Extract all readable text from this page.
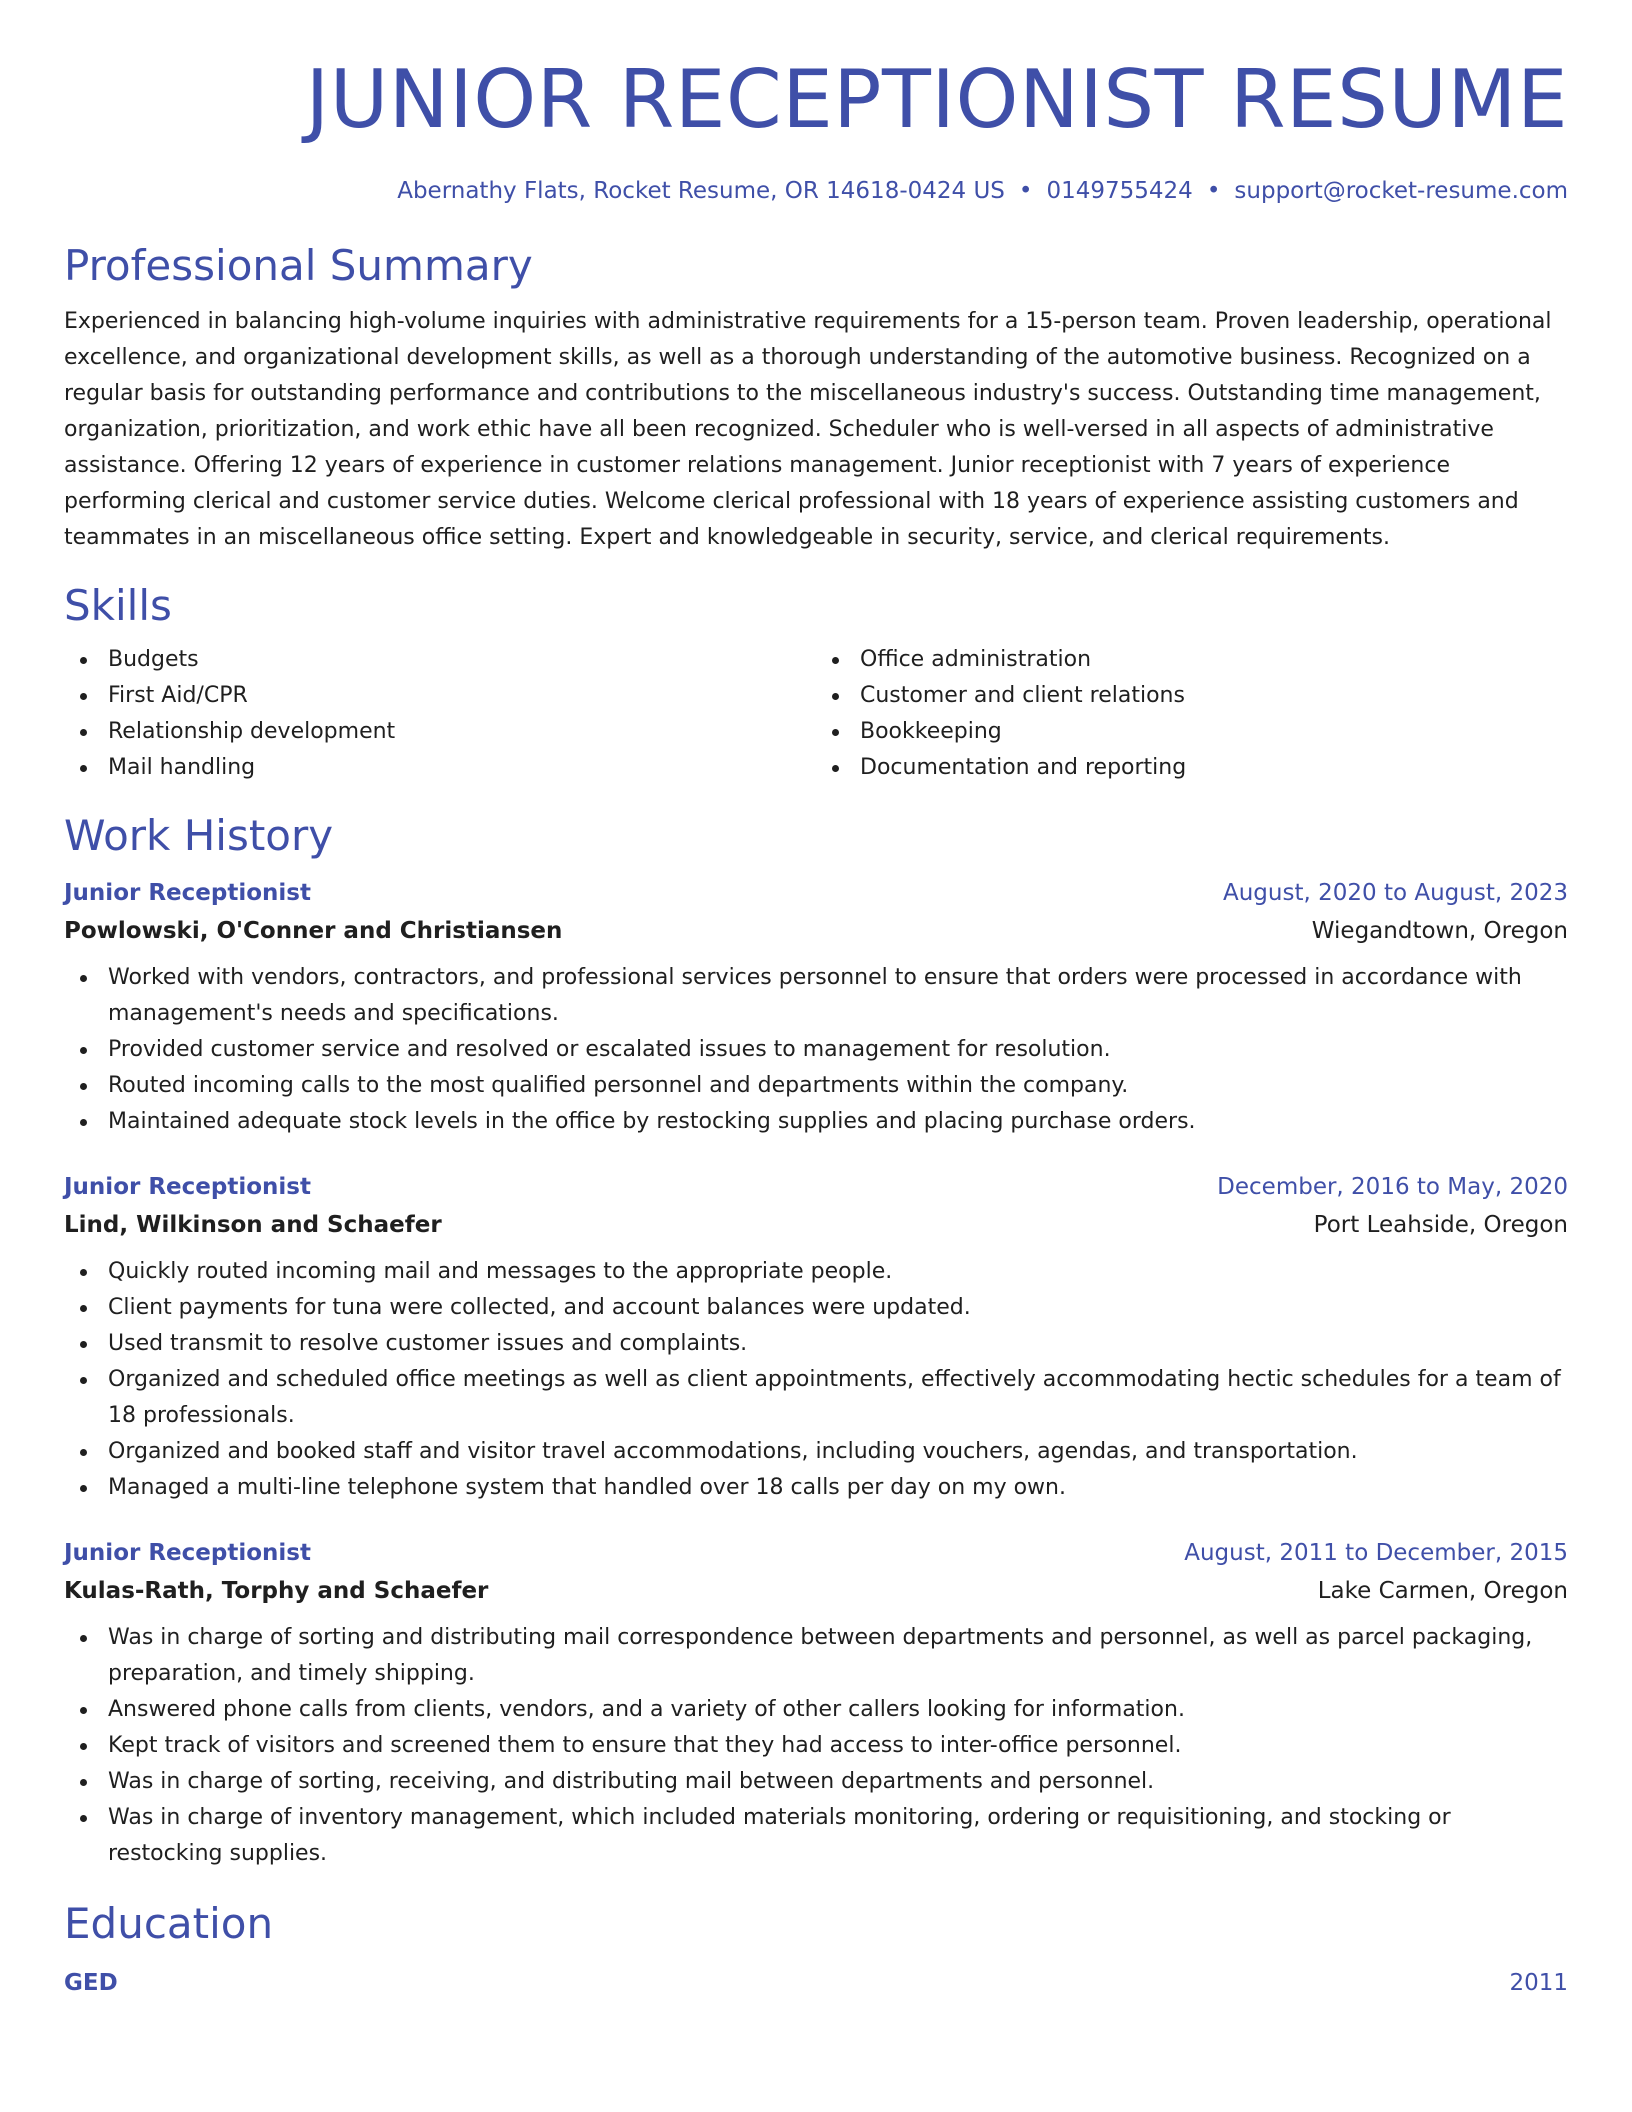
JUNIOR RECEPTIONIST RESUME
Abernathy Flats, Rocket Resume, OR 14618-0424 US • 0149755424 • support@rocket-resume.com
Professional Summary

Experienced in balancing high-volume inquiries with administrative requirements for a 15-person team. Proven leadership, operational excellence, and organizational development skills, as well as a thorough understanding of the automotive business. Recognized on a regular basis for outstanding performance and contributions to the miscellaneous industry's success. Outstanding time management, organization, prioritization, and work ethic have all been recognized. Scheduler who is well-versed in all aspects of administrative assistance. Offering 12 years of experience in customer relations management. Junior receptionist with 7 years of experience performing clerical and customer service duties. Welcome clerical professional with 18 years of experience assisting customers and teammates in an miscellaneous office setting. Expert and knowledgeable in security, service, and clerical requirements.

Skills
Budgets
First Aid/CPR
Relationship development
Mail handling
Office administration
Customer and client relations
Bookkeeping
Documentation and reporting
Work History
Junior Receptionist	August, 2020 to August, 2023
Powlowski, O'Conner and Christiansen	Wiegandtown, Oregon
Worked with vendors, contractors, and professional services personnel to ensure that orders were processed in accordance with management's needs and specifications.
Provided customer service and resolved or escalated issues to management for resolution.
Routed incoming calls to the most qualified personnel and departments within the company.
Maintained adequate stock levels in the office by restocking supplies and placing purchase orders.
Junior Receptionist	December, 2016 to May, 2020
Lind, Wilkinson and Schaefer	Port Leahside, Oregon
Quickly routed incoming mail and messages to the appropriate people.
Client payments for tuna were collected, and account balances were updated.
Used transmit to resolve customer issues and complaints.
Organized and scheduled office meetings as well as client appointments, effectively accommodating hectic schedules for a team of 18 professionals.
Organized and booked staff and visitor travel accommodations, including vouchers, agendas, and transportation.
Managed a multi-line telephone system that handled over 18 calls per day on my own.
Junior Receptionist	August, 2011 to December, 2015
Kulas-Rath, Torphy and Schaefer	Lake Carmen, Oregon
Was in charge of sorting and distributing mail correspondence between departments and personnel, as well as parcel packaging, preparation, and timely shipping.
Answered phone calls from clients, vendors, and a variety of other callers looking for information.
Kept track of visitors and screened them to ensure that they had access to inter-office personnel.
Was in charge of sorting, receiving, and distributing mail between departments and personnel.
Was in charge of inventory management, which included materials monitoring, ordering or requisitioning, and stocking or restocking supplies.
Education
GED	2011
